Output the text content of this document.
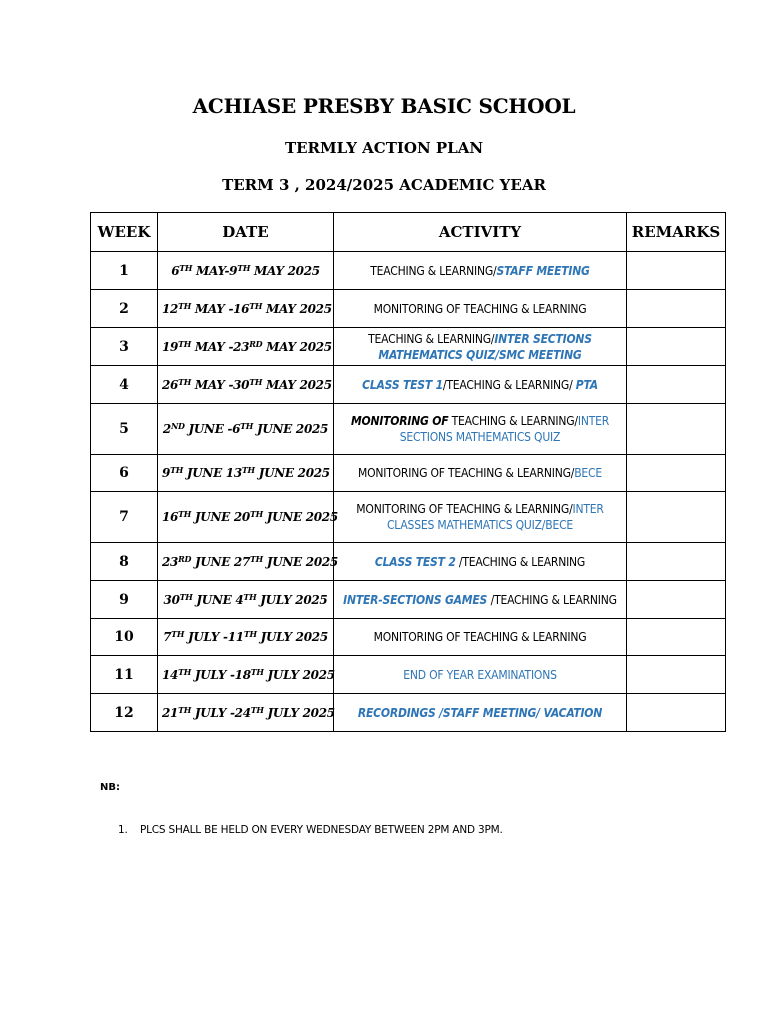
ACHIASE PRESBY BASIC SCHOOL
TERMLY ACTION PLAN
TERM 3 , 2024/2025 ACADEMIC YEAR
WEEK	DATE	ACTIVITY	REMARKS
1	6TH MAY-9TH MAY 2025	TEACHING & LEARNING/STAFF MEETING	
2	12TH MAY -16TH MAY 2025	MONITORING OF TEACHING & LEARNING	
3	19TH MAY -23RD MAY 2025	TEACHING & LEARNING/INTER SECTIONS MATHEMATICS QUIZ/SMC MEETING	
4	26TH MAY -30TH MAY 2025	CLASS TEST 1/TEACHING & LEARNING/ PTA	
5	2ND JUNE -6TH JUNE 2025	MONITORING OF TEACHING & LEARNING/INTER SECTIONS MATHEMATICS QUIZ	
6	9TH JUNE 13TH JUNE 2025	MONITORING OF TEACHING & LEARNING/BECE	
7	16TH JUNE 20TH JUNE 2025	MONITORING OF TEACHING & LEARNING/INTER CLASSES MATHEMATICS QUIZ/BECE	
8	23RD JUNE 27TH JUNE 2025	CLASS TEST 2 /TEACHING & LEARNING	
9	30TH JUNE 4TH JULY 2025	INTER-SECTIONS GAMES /TEACHING & LEARNING	
10	7TH JULY -11TH JULY 2025	MONITORING OF TEACHING & LEARNING	
11	14TH JULY -18TH JULY 2025	END OF YEAR EXAMINATIONS	
12	21TH JULY -24TH JULY 2025	RECORDINGS /STAFF MEETING/ VACATION	
NB:
1. PLCS SHALL BE HELD ON EVERY WEDNESDAY BETWEEN 2PM AND 3PM.
